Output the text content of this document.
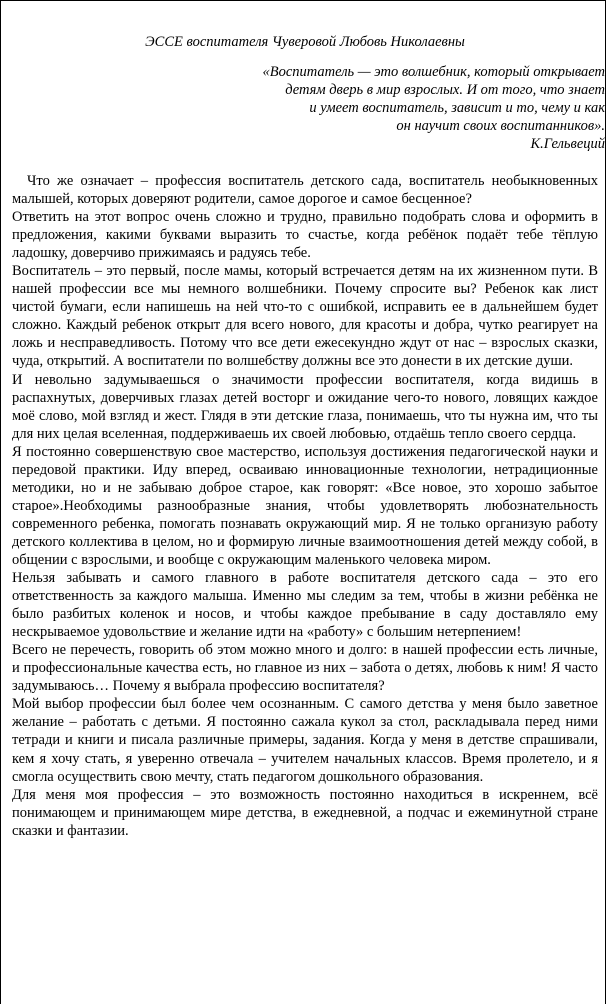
ЭССЕ воспитателя Чуверовой Любовь Николаевны
«Воспитатель — это волшебник, который открывает
детям дверь в мир взрослых. И от того, что знает
и умеет воспитатель, зависит и то, чему и как
он научит своих воспитанников».
К.Гельвеций

Что же означает – профессия воспитатель детского сада, воспитатель необыкновенных малышей, которых доверяют родители, самое дорогое и самое бесценное?

Ответить на этот вопрос очень сложно и трудно, правильно подобрать слова и оформить в предложения, какими буквами выразить то счастье, когда ребёнок подаёт тебе тёплую ладошку, доверчиво прижимаясь и радуясь тебе.

Воспитатель – это первый, после мамы, который встречается детям на их жизненном пути. В нашей профессии все мы немного волшебники. Почему спросите вы? Ребенок как лист чистой бумаги, если напишешь на ней что-то с ошибкой, исправить ее в дальнейшем будет сложно. Каждый ребенок открыт для всего нового, для красоты и добра, чутко реагирует на ложь и несправедливость. Потому что все дети ежесекундно ждут от нас – взрослых сказки, чуда, открытий. А воспитатели по волшебству должны все это донести в их детские души.

И невольно задумываешься о значимости профессии воспитателя, когда видишь в распахнутых, доверчивых глазах детей восторг и ожидание чего-то нового, ловящих каждое моё слово, мой взгляд и жест. Глядя в эти детские глаза, понимаешь, что ты нужна им, что ты для них целая вселенная, поддерживаешь их своей любовью, отдаёшь тепло своего сердца.

Я постоянно совершенствую свое мастерство, используя достижения педагогической науки и передовой практики. Иду вперед, осваиваю инновационные технологии, нетрадиционные методики, но и не забываю доброе старое, как говорят: «Все новое, это хорошо забытое старое».Необходимы разнообразные знания, чтобы удовлетворять любознательность современного ребенка, помогать познавать окружающий мир. Я не только организую работу детского коллектива в целом, но и формирую личные взаимоотношения детей между собой, в общении с взрослыми, и вообще с окружающим маленького человека миром.

Нельзя забывать и самого главного в работе воспитателя детского сада – это его ответственность за каждого малыша. Именно мы следим за тем, чтобы в жизни ребёнка не было разбитых коленок и носов, и чтобы каждое пребывание в саду доставляло ему нескрываемое удовольствие и желание идти на «работу» с большим нетерпением!

Всего не перечесть, говорить об этом можно много и долго: в нашей профессии есть личные, и профессиональные качества есть, но главное из них – забота о детях, любовь к ним! Я часто задумываюсь… Почему я выбрала профессию воспитателя?

Мой выбор профессии был более чем осознанным. С самого детства у меня было заветное желание – работать с детьми. Я постоянно сажала кукол за стол, раскладывала перед ними тетради и книги и писала различные примеры, задания. Когда у меня в детстве спрашивали, кем я хочу стать, я уверенно отвечала – учителем начальных классов. Время пролетело, и я смогла осуществить свою мечту, стать педагогом дошкольного образования.

Для меня моя профессия – это возможность постоянно находиться в искреннем, всё понимающем и принимающем мире детства, в ежедневной, а подчас и ежеминутной стране сказки и фантазии.
